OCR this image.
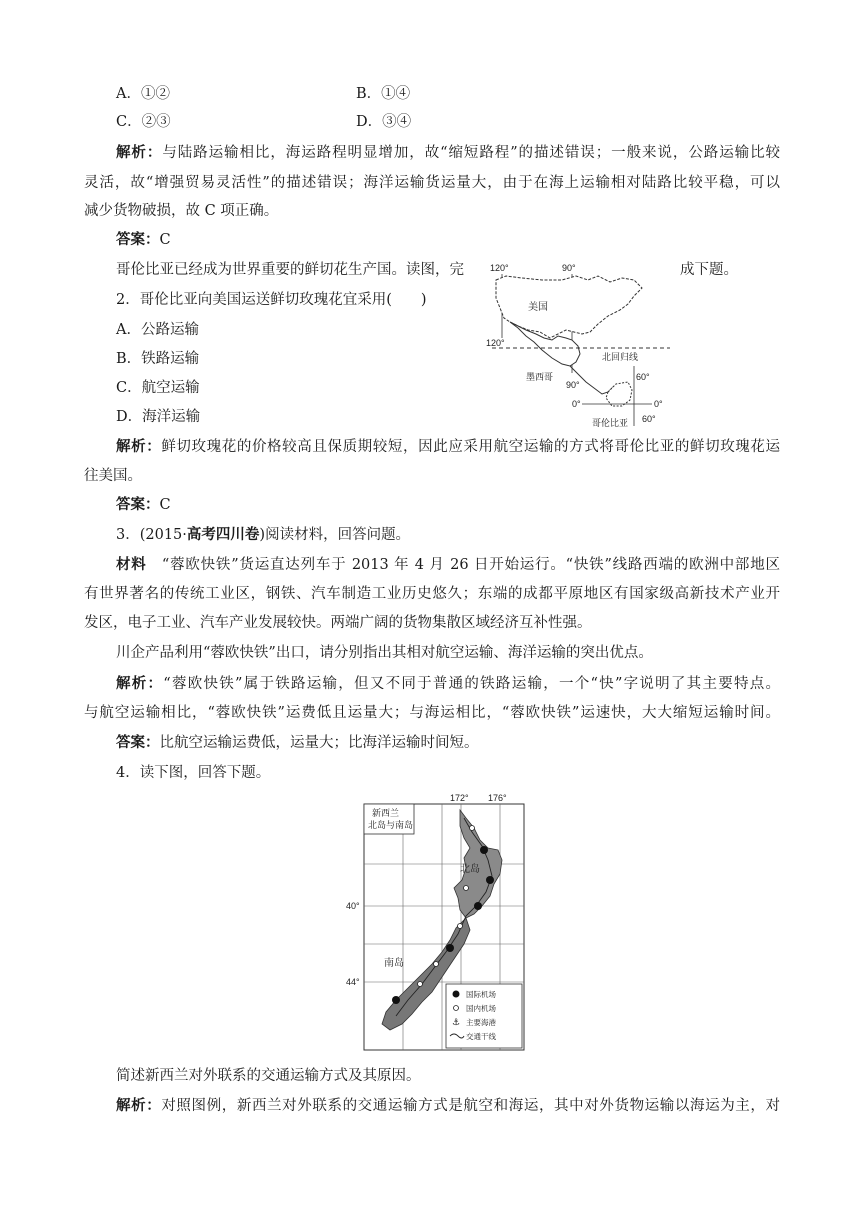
A．①②	B．①④
C．②③	D．③④
解析：与陆路运输相比，海运路程明显增加，故“缩短路程”的描述错误；一般来说，公路运输比较
灵活，故“增强贸易灵活性”的描述错误；海洋运输货运量大，由于在海上运输相对陆路比较平稳，可以
减少货物破损，故 C 项正确。
答案：C
哥伦比亚已经成为世界重要的鲜切花生产国。读图，完	成下题。
2．哥伦比亚向美国运送鲜切玫瑰花宜采用(　　)
A．公路运输
B．铁路运输
C．航空运输
D．海洋运输
120°	90°
美国
120°
北回归线
墨西哥
90°
60°
0°	0°
60°
哥伦比亚
解析：鲜切玫瑰花的价格较高且保质期较短，因此应采用航空运输的方式将哥伦比亚的鲜切玫瑰花运
往美国。
答案：C
3．(2015·高考四川卷)阅读材料，回答问题。
材料　 “蓉欧快铁”货运直达列车于 2013 年 4 月 26 日开始运行。“快铁”线路西端的欧洲中部地区
有世界著名的传统工业区，钢铁、汽车制造工业历史悠久；东端的成都平原地区有国家级高新技术产业开
发区，电子工业、汽车产业发展较快。两端广阔的货物集散区域经济互补性强。
川企产品利用“蓉欧快铁”出口，请分别指出其相对航空运输、海洋运输的突出优点。
解析：“蓉欧快铁”属于铁路运输，但又不同于普通的铁路运输，一个“快”字说明了其主要特点。
与航空运输相比，“蓉欧快铁”运费低且运量大；与海运相比，“蓉欧快铁”运速快，大大缩短运输时间。
答案：比航空运输运费低，运量大；比海洋运输时间短。
4．读下图，回答下题。
172° 176°
新西兰
北岛与南岛
北岛
南岛
40°
44°
国际机场
国内机场
⚓ 主要海港
交通干线
简述新西兰对外联系的交通运输方式及其原因。
解析：对照图例，新西兰对外联系的交通运输方式是航空和海运，其中对外货物运输以海运为主，对
